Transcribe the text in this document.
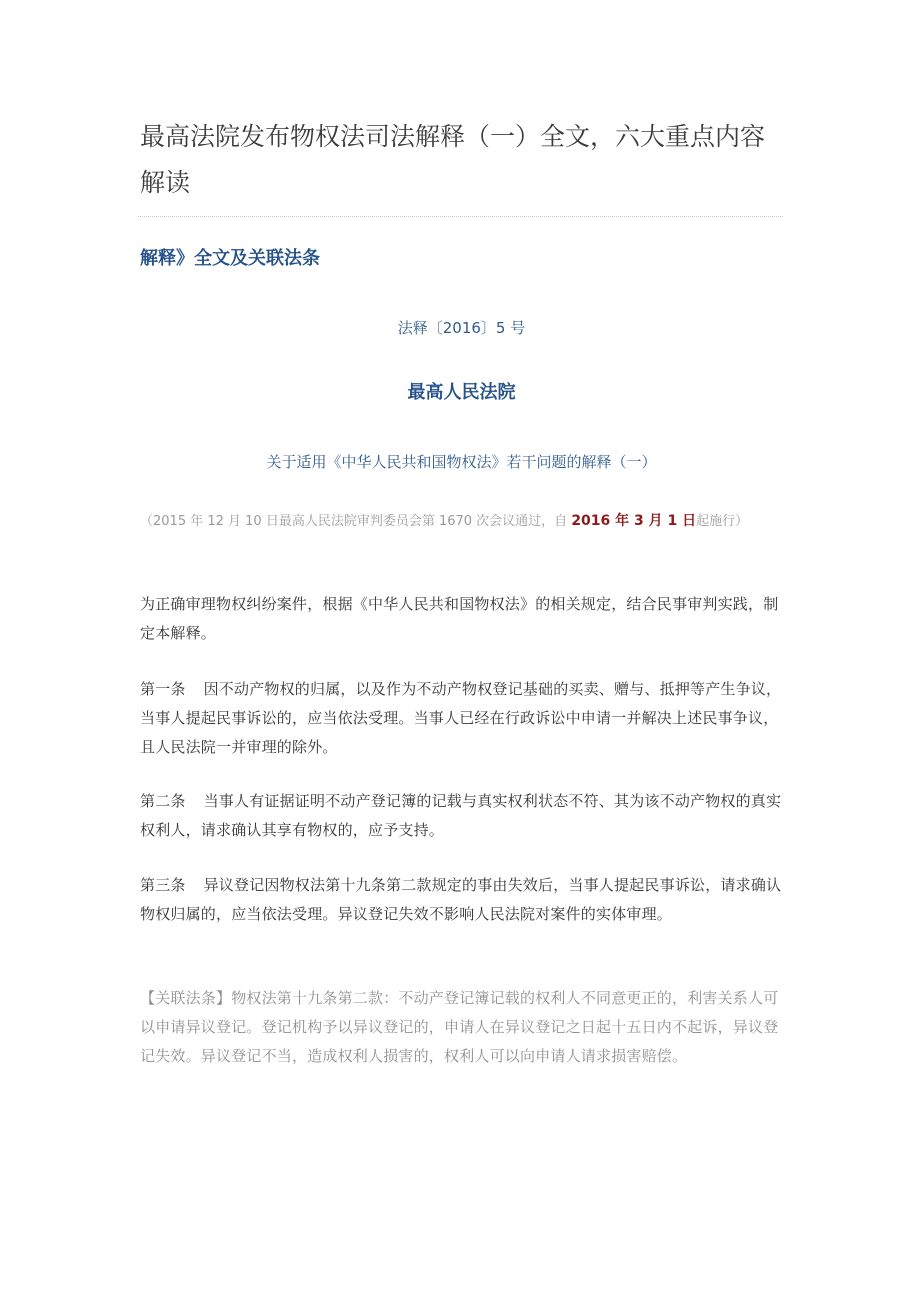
最高法院发布物权法司法解释（一）全文，六大重点内容解读
解释》全文及关联法条

法释〔2016〕5 号

最高人民法院

关于适用《中华人民共和国物权法》若干问题的解释（一）

（2015 年 12 月 10 日最高人民法院审判委员会第 1670 次会议通过，自 2016 年 3 月 1 日起施行）

为正确审理物权纠纷案件，根据《中华人民共和国物权法》的相关规定，结合民事审判实践，制定本解释。

第一条 因不动产物权的归属，以及作为不动产物权登记基础的买卖、赠与、抵押等产生争议，当事人提起民事诉讼的，应当依法受理。当事人已经在行政诉讼中申请一并解决上述民事争议，且人民法院一并审理的除外。

第二条 当事人有证据证明不动产登记簿的记载与真实权利状态不符、其为该不动产物权的真实权利人，请求确认其享有物权的，应予支持。

第三条 异议登记因物权法第十九条第二款规定的事由失效后，当事人提起民事诉讼，请求确认物权归属的，应当依法受理。异议登记失效不影响人民法院对案件的实体审理。

【关联法条】物权法第十九条第二款：不动产登记簿记载的权利人不同意更正的，利害关系人可以申请异议登记。登记机构予以异议登记的，申请人在异议登记之日起十五日内不起诉，异议登记失效。异议登记不当，造成权利人损害的，权利人可以向申请人请求损害赔偿。
